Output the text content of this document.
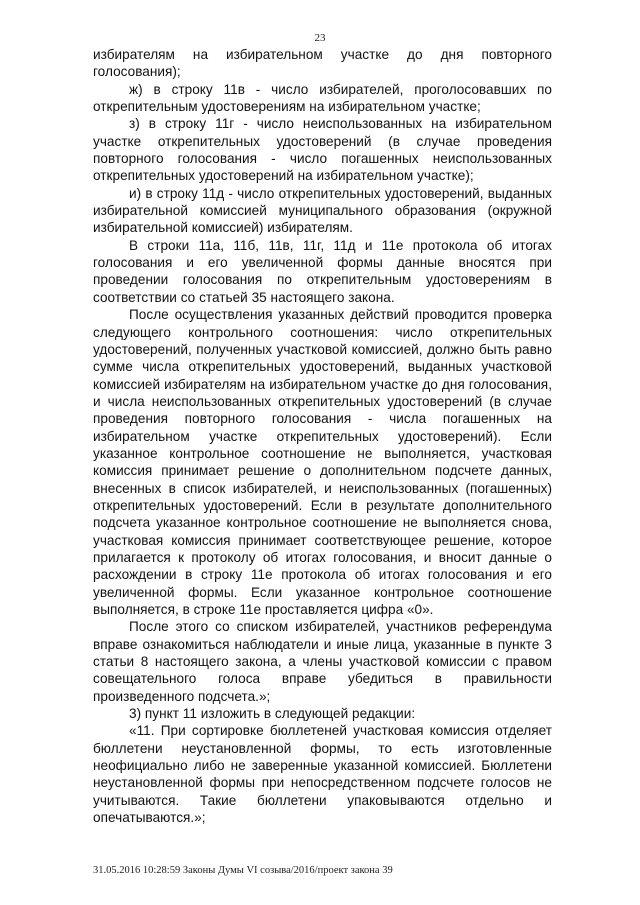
23

избирателям на избирательном участке до дня повторного голосования);

ж) в строку 11в - число избирателей, проголосовавших по открепительным удостоверениям на избирательном участке;

з) в строку 11г - число неиспользованных на избирательном участке открепительных удостоверений (в случае проведения повторного голосования - число погашенных неиспользованных открепительных удостоверений на избирательном участке);

и) в строку 11д - число открепительных удостоверений, выданных избирательной комиссией муниципального образования (окружной избирательной комиссией) избирателям.

В строки 11а, 11б, 11в, 11г, 11д и 11е протокола об итогах голосования и его увеличенной формы данные вносятся при проведении голосования по открепительным удостоверениям в соответствии со статьей 35 настоящего закона.

После осуществления указанных действий проводится проверка следующего контрольного соотношения: число открепительных удостоверений, полученных участковой комиссией, должно быть равно сумме числа открепительных удостоверений, выданных участковой комиссией избирателям на избирательном участке до дня голосования, и числа неиспользованных открепительных удостоверений (в случае проведения повторного голосования - числа погашенных на избирательном участке открепительных удостоверений). Если указанное контрольное соотношение не выполняется, участковая комиссия принимает решение о дополнительном подсчете данных, внесенных в список избирателей, и неиспользованных (погашенных) открепительных удостоверений. Если в результате дополнительного подсчета указанное контрольное соотношение не выполняется снова, участковая комиссия принимает соответствующее решение, которое прилагается к протоколу об итогах голосования, и вносит данные о расхождении в строку 11е протокола об итогах голосования и его увеличенной формы. Если указанное контрольное соотношение выполняется, в строке 11е проставляется цифра «0».

После этого со списком избирателей, участников референдума вправе ознакомиться наблюдатели и иные лица, указанные в пункте 3 статьи 8 настоящего закона, а члены участковой комиссии с правом совещательного голоса вправе убедиться в правильности произведенного подсчета.»;

3) пункт 11 изложить в следующей редакции:

«11. При сортировке бюллетеней участковая комиссия отделяет бюллетени неустановленной формы, то есть изготовленные неофициально либо не заверенные указанной комиссией. Бюллетени неустановленной формы при непосредственном подсчете голосов не учитываются. Такие бюллетени упаковываются отдельно и опечатываются.»;

31.05.2016 10:28:59 Законы Думы VI созыва/2016/проект закона 39
